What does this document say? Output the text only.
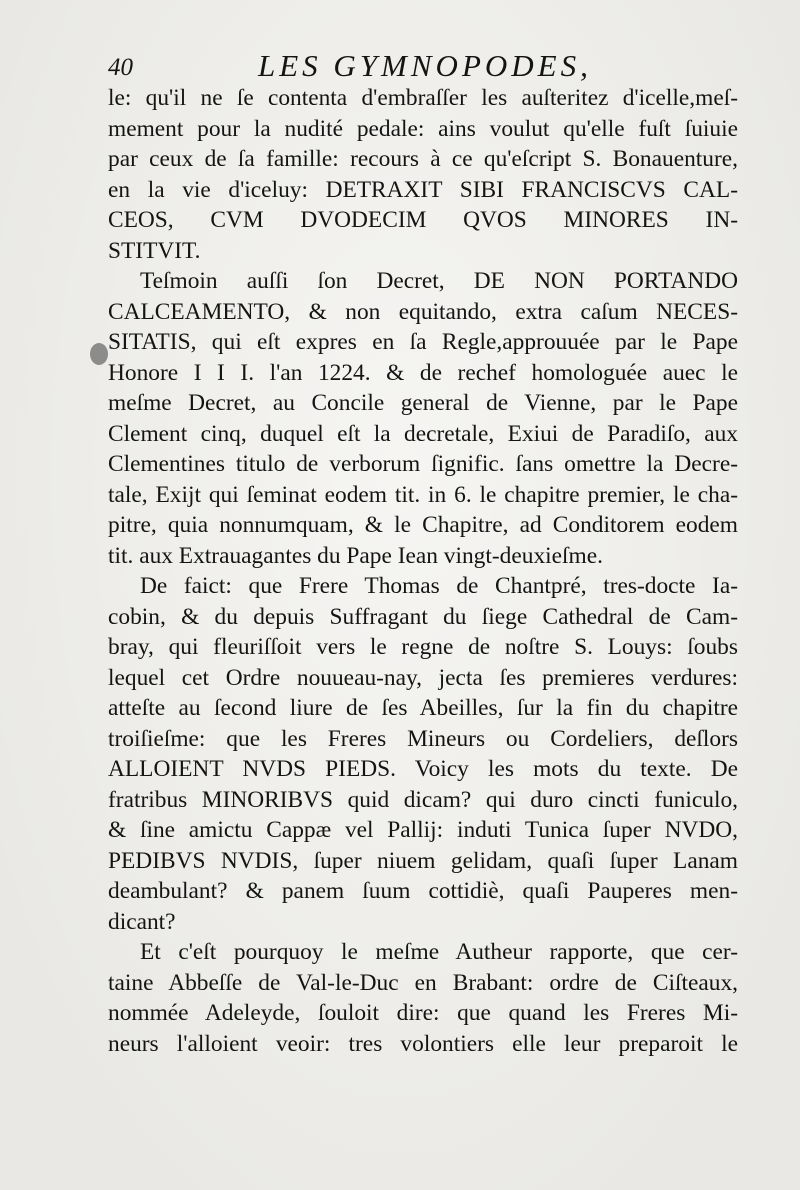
40	LES GYMNOPODES,
le: qu'il ne ſe contenta d'embraſſer les auſteritez d'icelle,meſ-
mement pour la nudité pedale: ains voulut qu'elle fuſt ſuiuie
par ceux de ſa famille: recours à ce qu'eſcript S. Bonauenture,
en la vie d'iceluy: DETRAXIT SIBI FRANCISCVS CAL-
CEOS, CVM DVODECIM QVOS MINORES IN-
STITVIT.
Teſmoin auſſi ſon Decret, DE NON PORTANDO
CALCEAMENTO, & non equitando, extra caſum NECES-
SITATIS, qui eſt expres en ſa Regle,approuuée par le Pape
Honore I I I. l'an 1224. & de rechef homologuée auec le
meſme Decret, au Concile general de Vienne, par le Pape
Clement cinq, duquel eſt la decretale, Exiui de Paradiſo, aux
Clementines titulo de verborum ſignific. ſans omettre la Decre-
tale, Exijt qui ſeminat eodem tit. in 6. le chapitre premier, le cha-
pitre, quia nonnumquam, & le Chapitre, ad Conditorem eodem
tit. aux Extrauagantes du Pape Iean vingt-deuxieſme.
De faict: que Frere Thomas de Chantpré, tres-docte Ia-
cobin, & du depuis Suffragant du ſiege Cathedral de Cam-
bray, qui fleuriſſoit vers le regne de noſtre S. Louys: ſoubs
lequel cet Ordre nouueau-nay, jecta ſes premieres verdures:
atteſte au ſecond liure de ſes Abeilles, ſur la fin du chapitre
troiſieſme: que les Freres Mineurs ou Cordeliers, deſlors
ALLOIENT NVDS PIEDS. Voicy les mots du texte. De
fratribus MINORIBVS quid dicam? qui duro cincti funiculo,
& ſine amictu Cappæ vel Pallij: induti Tunica ſuper NVDO,
PEDIBVS NVDIS, ſuper niuem gelidam, quaſi ſuper Lanam
deambulant? & panem ſuum cottidiè, quaſi Pauperes men-
dicant?
Et c'eſt pourquoy le meſme Autheur rapporte, que cer-
taine Abbeſſe de Val-le-Duc en Brabant: ordre de Ciſteaux,
nommée Adeleyde, ſouloit dire: que quand les Freres Mi-
neurs l'alloient veoir: tres volontiers elle leur preparoit le
